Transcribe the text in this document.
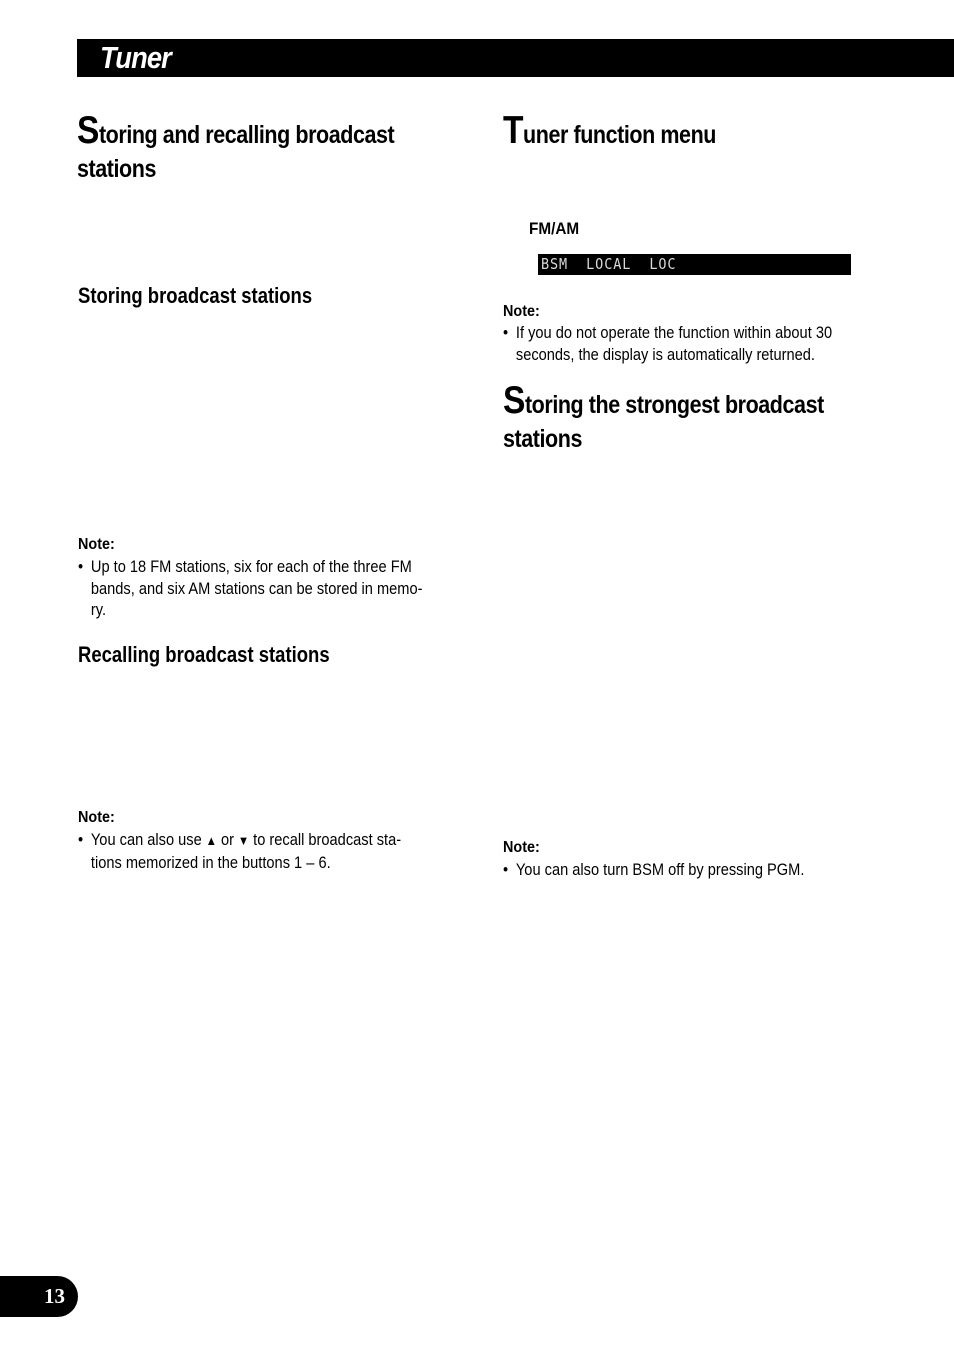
Tuner
Storing and recalling broadcast
stations
Storing broadcast stations
Note:
• Up to 18 FM stations, six for each of the three FM
bands, and six AM stations can be stored in memo-
ry.
Recalling broadcast stations
Note:
• You can also use ▲ or ▼ to recall broadcast sta-
tions memorized in the buttons 1 – 6.
Tuner function menu
FM/AM
BSM  LOCAL  LOC
Note:
• If you do not operate the function within about 30
seconds, the display is automatically returned.
Storing the strongest broadcast
stations
Note:
• You can also turn BSM off by pressing PGM.
13
